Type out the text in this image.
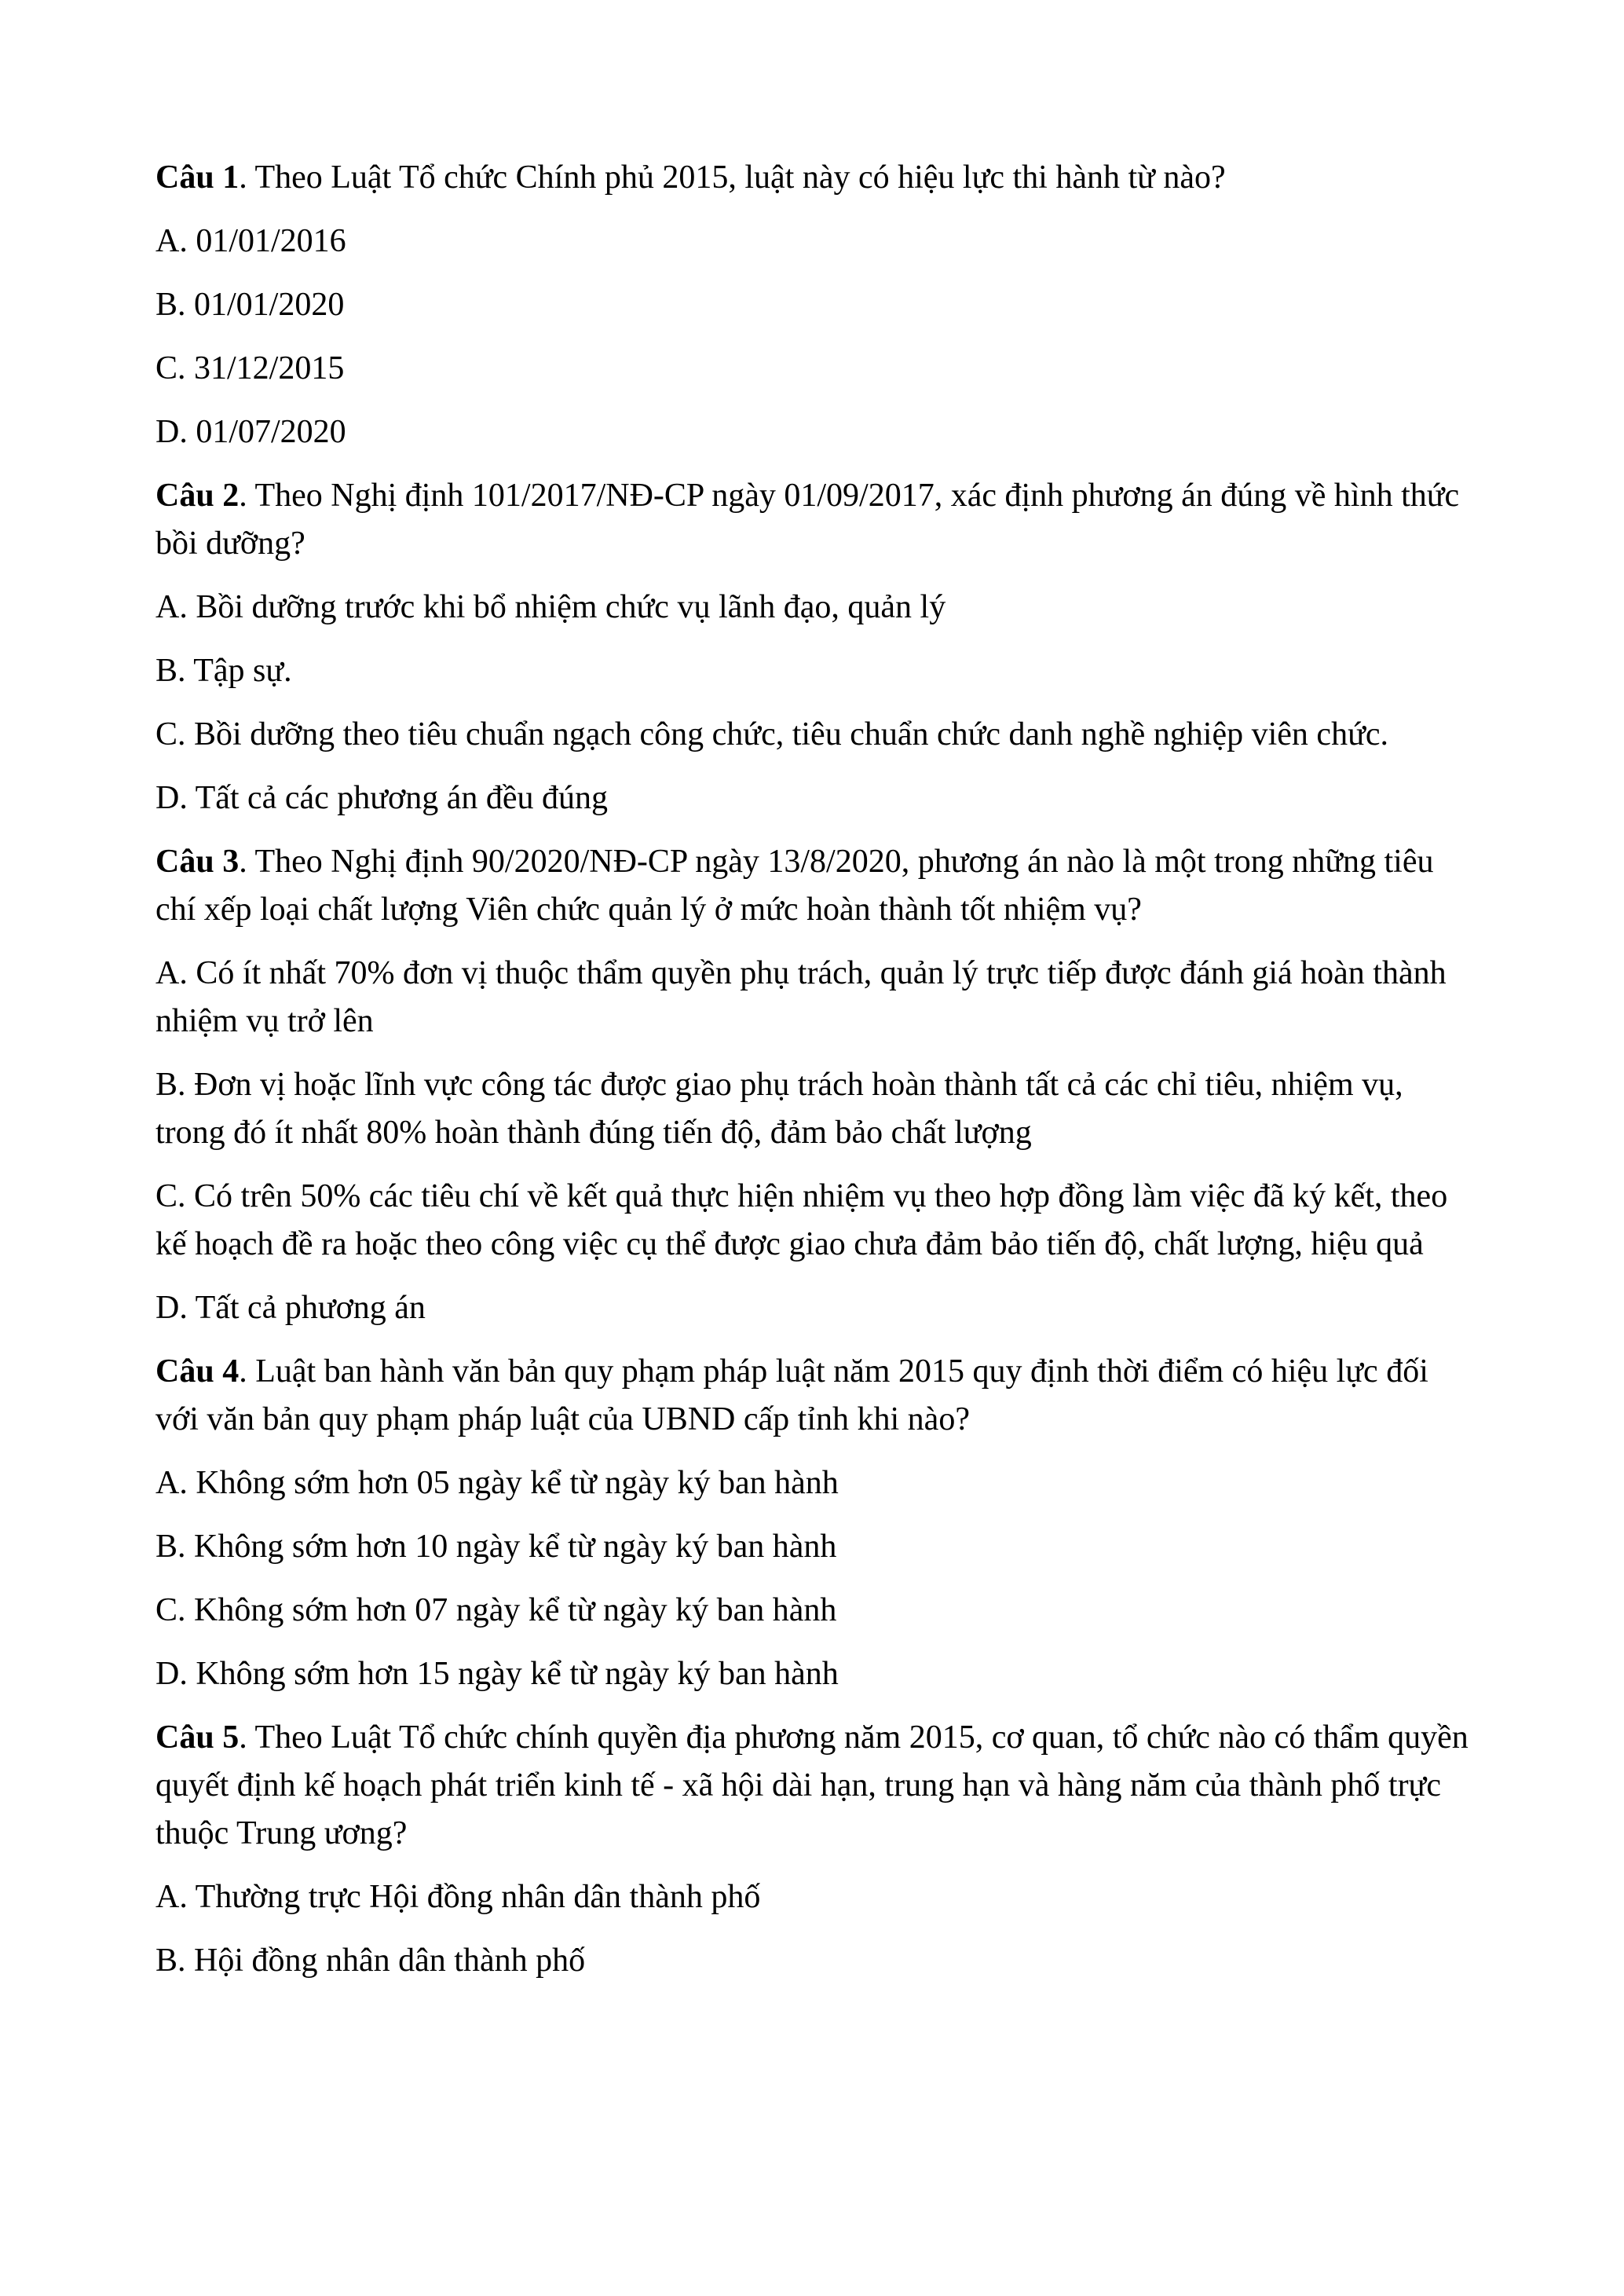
Câu 1. Theo Luật Tổ chức Chính phủ 2015, luật này có hiệu lực thi hành từ nào?

A. 01/01/2016

B. 01/01/2020

C. 31/12/2015

D. 01/07/2020

Câu 2. Theo Nghị định 101/2017/NĐ-CP ngày 01/09/2017, xác định phương án đúng về hình thức bồi dưỡng?

A. Bồi dưỡng trước khi bổ nhiệm chức vụ lãnh đạo, quản lý

B. Tập sự.

C. Bồi dưỡng theo tiêu chuẩn ngạch công chức, tiêu chuẩn chức danh nghề nghiệp viên chức.

D. Tất cả các phương án đều đúng

Câu 3. Theo Nghị định 90/2020/NĐ-CP ngày 13/8/2020, phương án nào là một trong những tiêu chí xếp loại chất lượng Viên chức quản lý ở mức hoàn thành tốt nhiệm vụ?

A. Có ít nhất 70% đơn vị thuộc thẩm quyền phụ trách, quản lý trực tiếp được đánh giá hoàn thành nhiệm vụ trở lên

B. Đơn vị hoặc lĩnh vực công tác được giao phụ trách hoàn thành tất cả các chỉ tiêu, nhiệm vụ, trong đó ít nhất 80% hoàn thành đúng tiến độ, đảm bảo chất lượng

C. Có trên 50% các tiêu chí về kết quả thực hiện nhiệm vụ theo hợp đồng làm việc đã ký kết, theo kế hoạch đề ra hoặc theo công việc cụ thể được giao chưa đảm bảo tiến độ, chất lượng, hiệu quả

D. Tất cả phương án

Câu 4. Luật ban hành văn bản quy phạm pháp luật năm 2015 quy định thời điểm có hiệu lực đối với văn bản quy phạm pháp luật của UBND cấp tỉnh khi nào?

A. Không sớm hơn 05 ngày kể từ ngày ký ban hành

B. Không sớm hơn 10 ngày kể từ ngày ký ban hành

C. Không sớm hơn 07 ngày kể từ ngày ký ban hành

D. Không sớm hơn 15 ngày kể từ ngày ký ban hành

Câu 5. Theo Luật Tổ chức chính quyền địa phương năm 2015, cơ quan, tổ chức nào có thẩm quyền quyết định kế hoạch phát triển kinh tế - xã hội dài hạn, trung hạn và hàng năm của thành phố trực thuộc Trung ương?

A. Thường trực Hội đồng nhân dân thành phố

B. Hội đồng nhân dân thành phố
